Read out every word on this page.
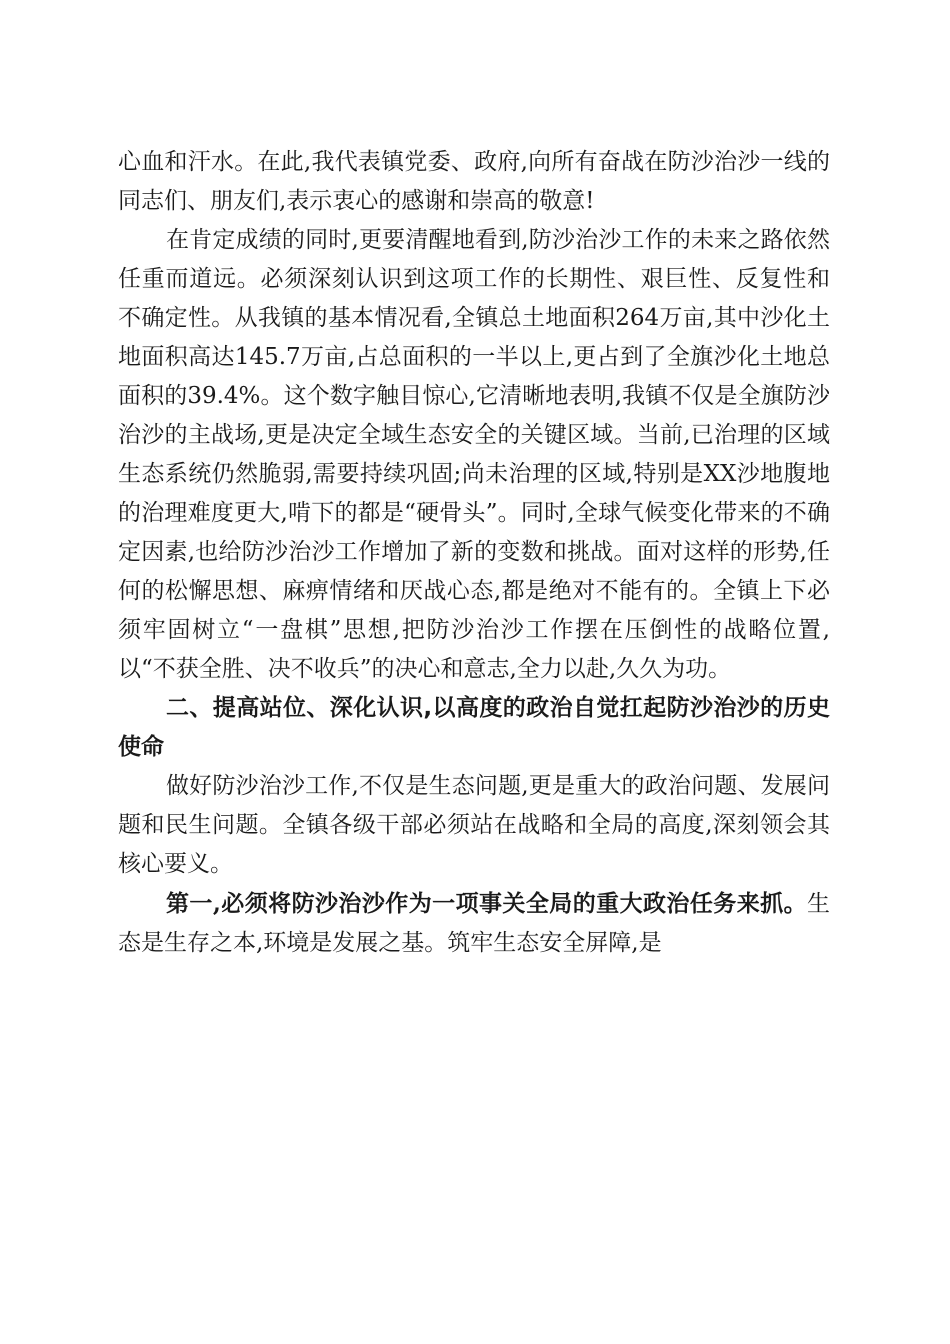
心血和汗水。在此,我代表镇党委、政府,向所有奋战在防沙治沙一线的同志们、朋友们,表示衷心的感谢和崇高的敬意!

在肯定成绩的同时,更要清醒地看到,防沙治沙工作的未来之路依然任重而道远。必须深刻认识到这项工作的长期性、艰巨性、反复性和不确定性。从我镇的基本情况看,全镇总土地面积264万亩,其中沙化土地面积高达145.7万亩,占总面积的一半以上,更占到了全旗沙化土地总面积的39.4%。这个数字触目惊心,它清晰地表明,我镇不仅是全旗防沙治沙的主战场,更是决定全域生态安全的关键区域。当前,已治理的区域生态系统仍然脆弱,需要持续巩固;尚未治理的区域,特别是XX沙地腹地的治理难度更大,啃下的都是“硬骨头”。同时,全球气候变化带来的不确定因素,也给防沙治沙工作增加了新的变数和挑战。面对这样的形势,任何的松懈思想、麻痹情绪和厌战心态,都是绝对不能有的。全镇上下必须牢固树立“一盘棋”思想,把防沙治沙工作摆在压倒性的战略位置,以“不获全胜、决不收兵”的决心和意志,全力以赴,久久为功。

二、提高站位、深化认识,以高度的政治自觉扛起防沙治沙的历史使命

做好防沙治沙工作,不仅是生态问题,更是重大的政治问题、发展问题和民生问题。全镇各级干部必须站在战略和全局的高度,深刻领会其核心要义。

第一,必须将防沙治沙作为一项事关全局的重大政治任务来抓。生态是生存之本,环境是发展之基。筑牢生态安全屏障,是
